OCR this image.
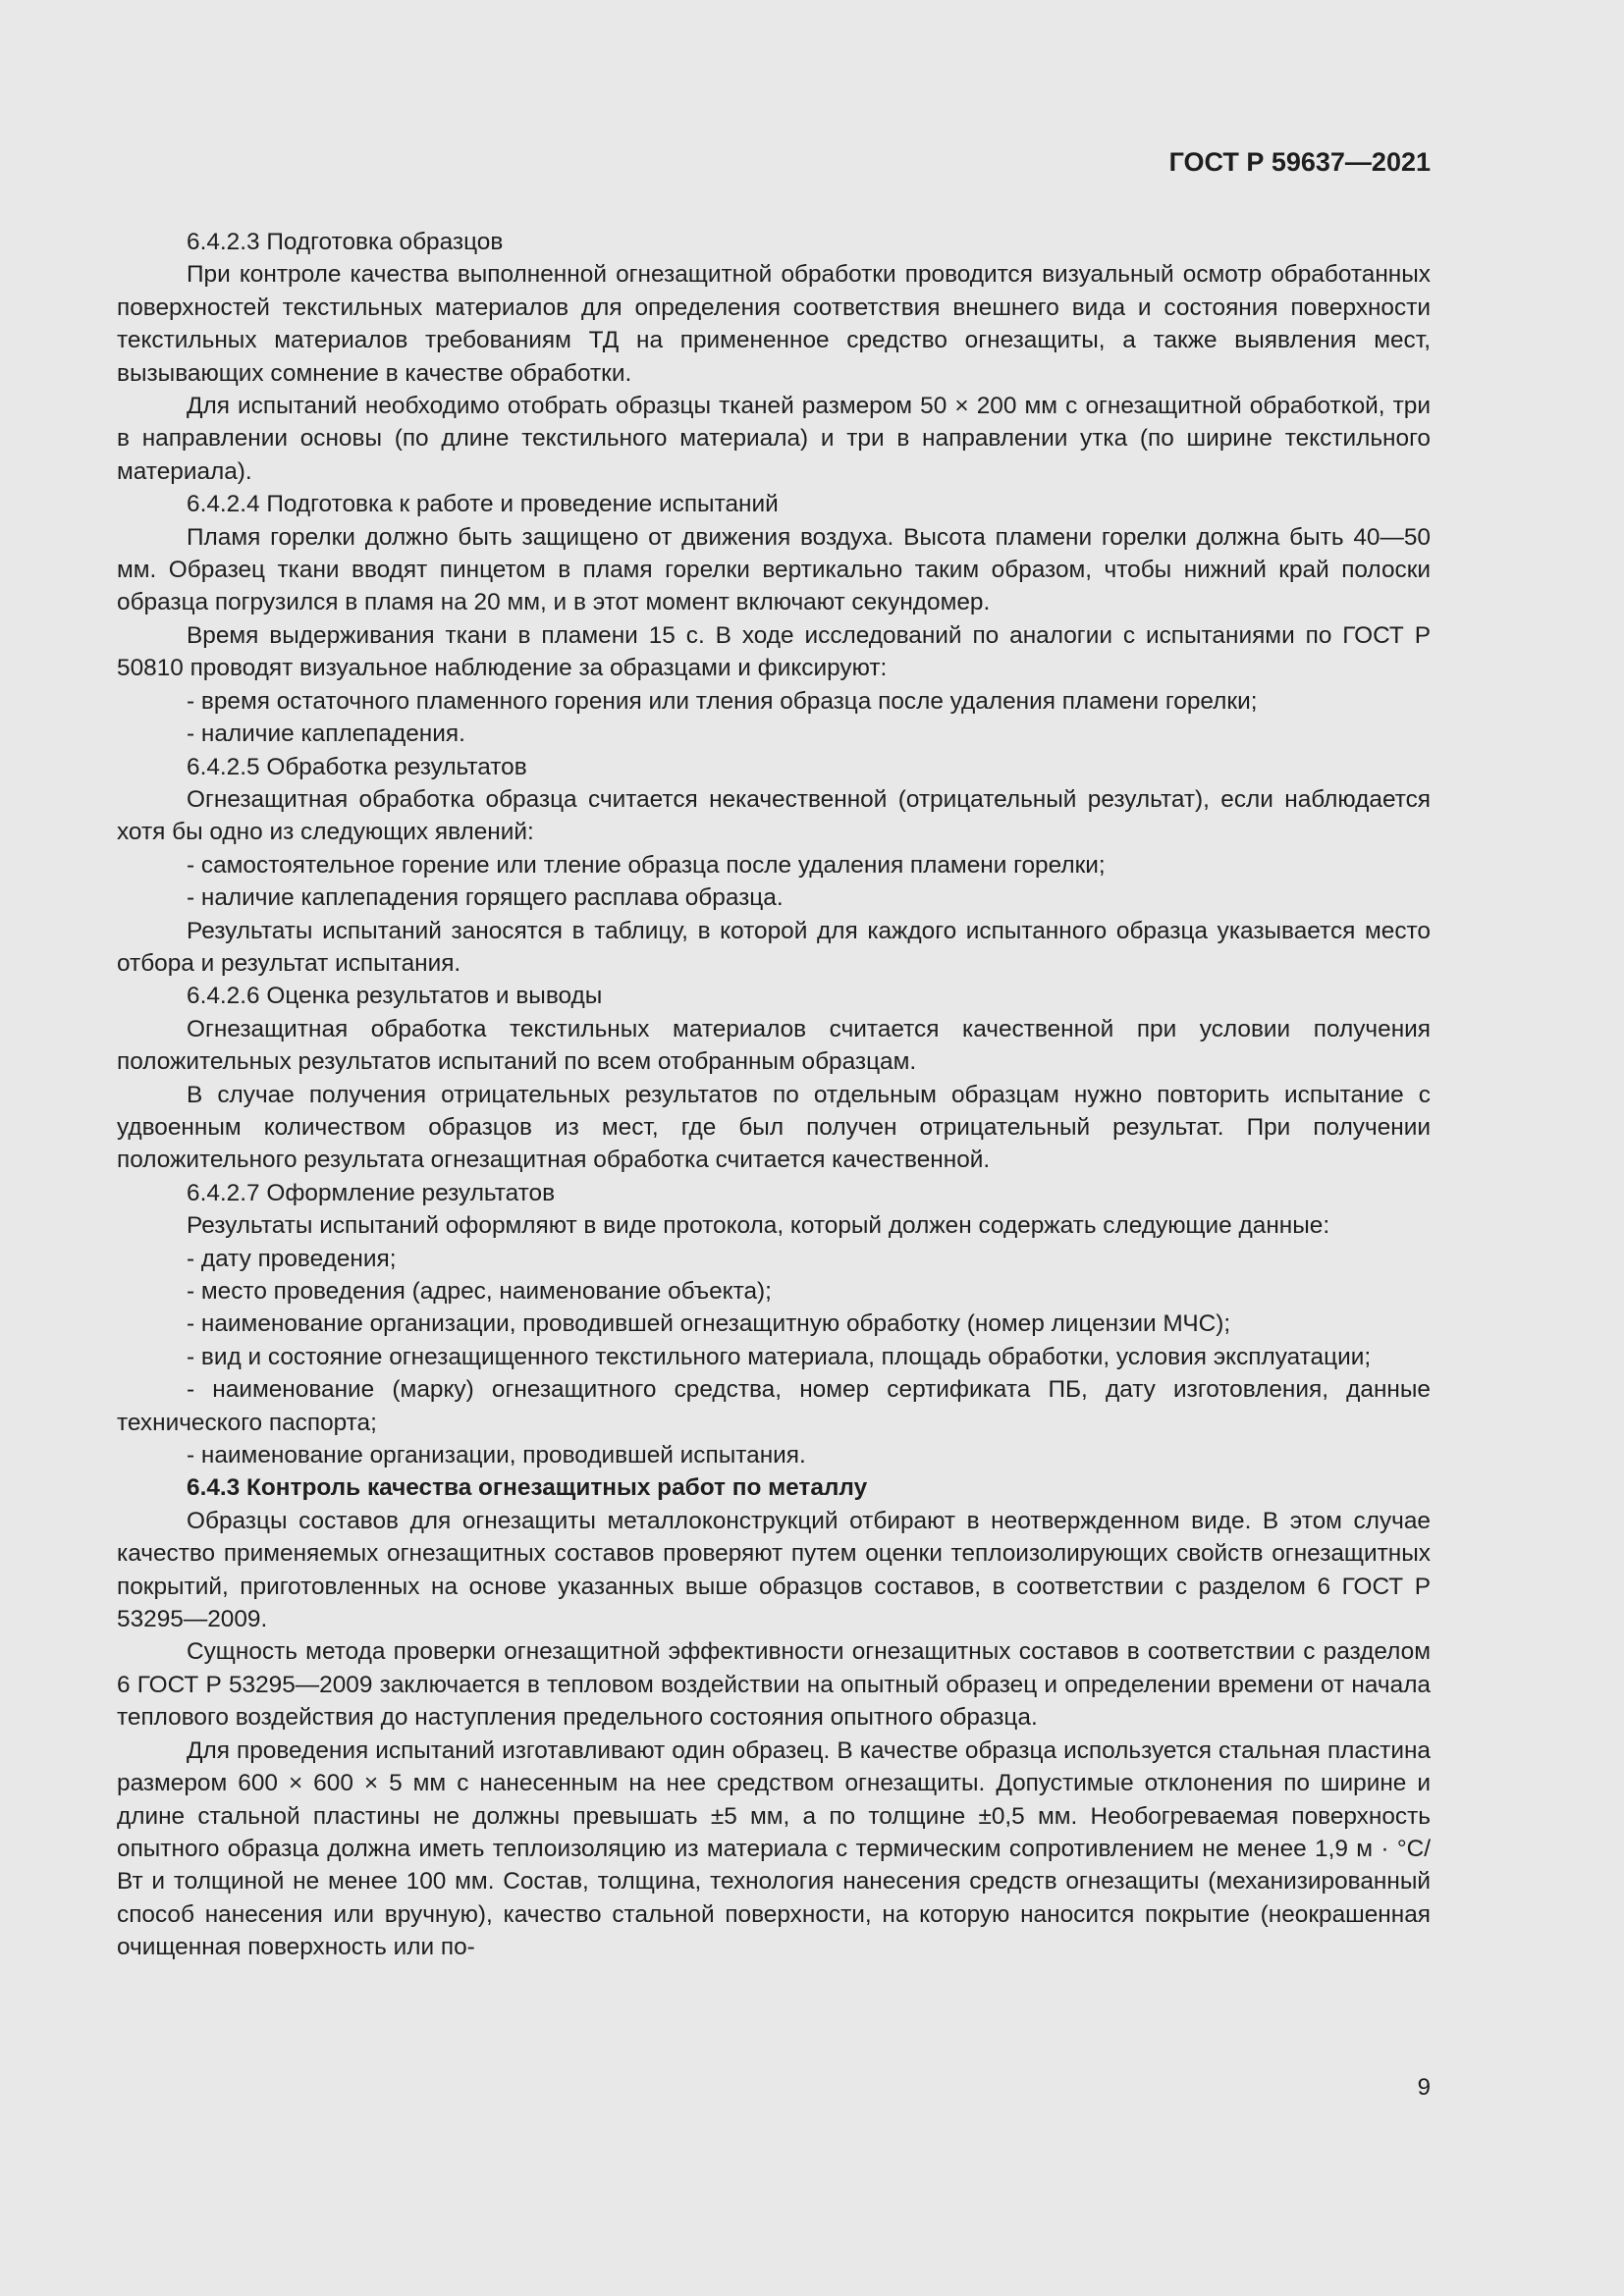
ГОСТ Р 59637—2021

6.4.2.3 Подготовка образцов

При контроле качества выполненной огнезащитной обработки проводится визуальный осмотр обработанных поверхностей текстильных материалов для определения соответствия внешнего вида и состояния поверхности текстильных материалов требованиям ТД на примененное средство огнезащиты, а также выявления мест, вызывающих сомнение в качестве обработки.

Для испытаний необходимо отобрать образцы тканей размером 50 × 200 мм с огнезащитной обработкой, три в направлении основы (по длине текстильного материала) и три в направлении утка (по ширине текстильного материала).

6.4.2.4 Подготовка к работе и проведение испытаний

Пламя горелки должно быть защищено от движения воздуха. Высота пламени горелки должна быть 40—50 мм. Образец ткани вводят пинцетом в пламя горелки вертикально таким образом, чтобы нижний край полоски образца погрузился в пламя на 20 мм, и в этот момент включают секундомер.

Время выдерживания ткани в пламени 15 с. В ходе исследований по аналогии с испытаниями по ГОСТ Р 50810 проводят визуальное наблюдение за образцами и фиксируют:

- время остаточного пламенного горения или тления образца после удаления пламени горелки;

- наличие каплепадения.

6.4.2.5 Обработка результатов

Огнезащитная обработка образца считается некачественной (отрицательный результат), если наблюдается хотя бы одно из следующих явлений:

- самостоятельное горение или тление образца после удаления пламени горелки;

- наличие каплепадения горящего расплава образца.

Результаты испытаний заносятся в таблицу, в которой для каждого испытанного образца указывается место отбора и результат испытания.

6.4.2.6 Оценка результатов и выводы

Огнезащитная обработка текстильных материалов считается качественной при условии получения положительных результатов испытаний по всем отобранным образцам.

В случае получения отрицательных результатов по отдельным образцам нужно повторить испытание с удвоенным количеством образцов из мест, где был получен отрицательный результат. При получении положительного результата огнезащитная обработка считается качественной.

6.4.2.7 Оформление результатов

Результаты испытаний оформляют в виде протокола, который должен содержать следующие данные:

- дату проведения;

- место проведения (адрес, наименование объекта);

- наименование организации, проводившей огнезащитную обработку (номер лицензии МЧС);

- вид и состояние огнезащищенного текстильного материала, площадь обработки, условия эксплуатации;

- наименование (марку) огнезащитного средства, номер сертификата ПБ, дату изготовления, данные технического паспорта;

- наименование организации, проводившей испытания.

6.4.3 Контроль качества огнезащитных работ по металлу

Образцы составов для огнезащиты металлоконструкций отбирают в неотвержденном виде. В этом случае качество применяемых огнезащитных составов проверяют путем оценки теплоизолирующих свойств огнезащитных покрытий, приготовленных на основе указанных выше образцов составов, в соответствии с разделом 6 ГОСТ Р 53295—2009.

Сущность метода проверки огнезащитной эффективности огнезащитных составов в соответствии с разделом 6 ГОСТ Р 53295—2009 заключается в тепловом воздействии на опытный образец и определении времени от начала теплового воздействия до наступления предельного состояния опытного образца.

Для проведения испытаний изготавливают один образец. В качестве образца используется стальная пластина размером 600 × 600 × 5 мм с нанесенным на нее средством огнезащиты. Допустимые отклонения по ширине и длине стальной пластины не должны превышать ±5 мм, а по толщине ±0,5 мм. Необогреваемая поверхность опытного образца должна иметь теплоизоляцию из материала с термическим сопротивлением не менее 1,9 м · °С/Вт и толщиной не менее 100 мм. Состав, толщина, технология нанесения средств огнезащиты (механизированный способ нанесения или вручную), качество стальной поверхности, на которую наносится покрытие (неокрашенная очищенная поверхность или по-

9
